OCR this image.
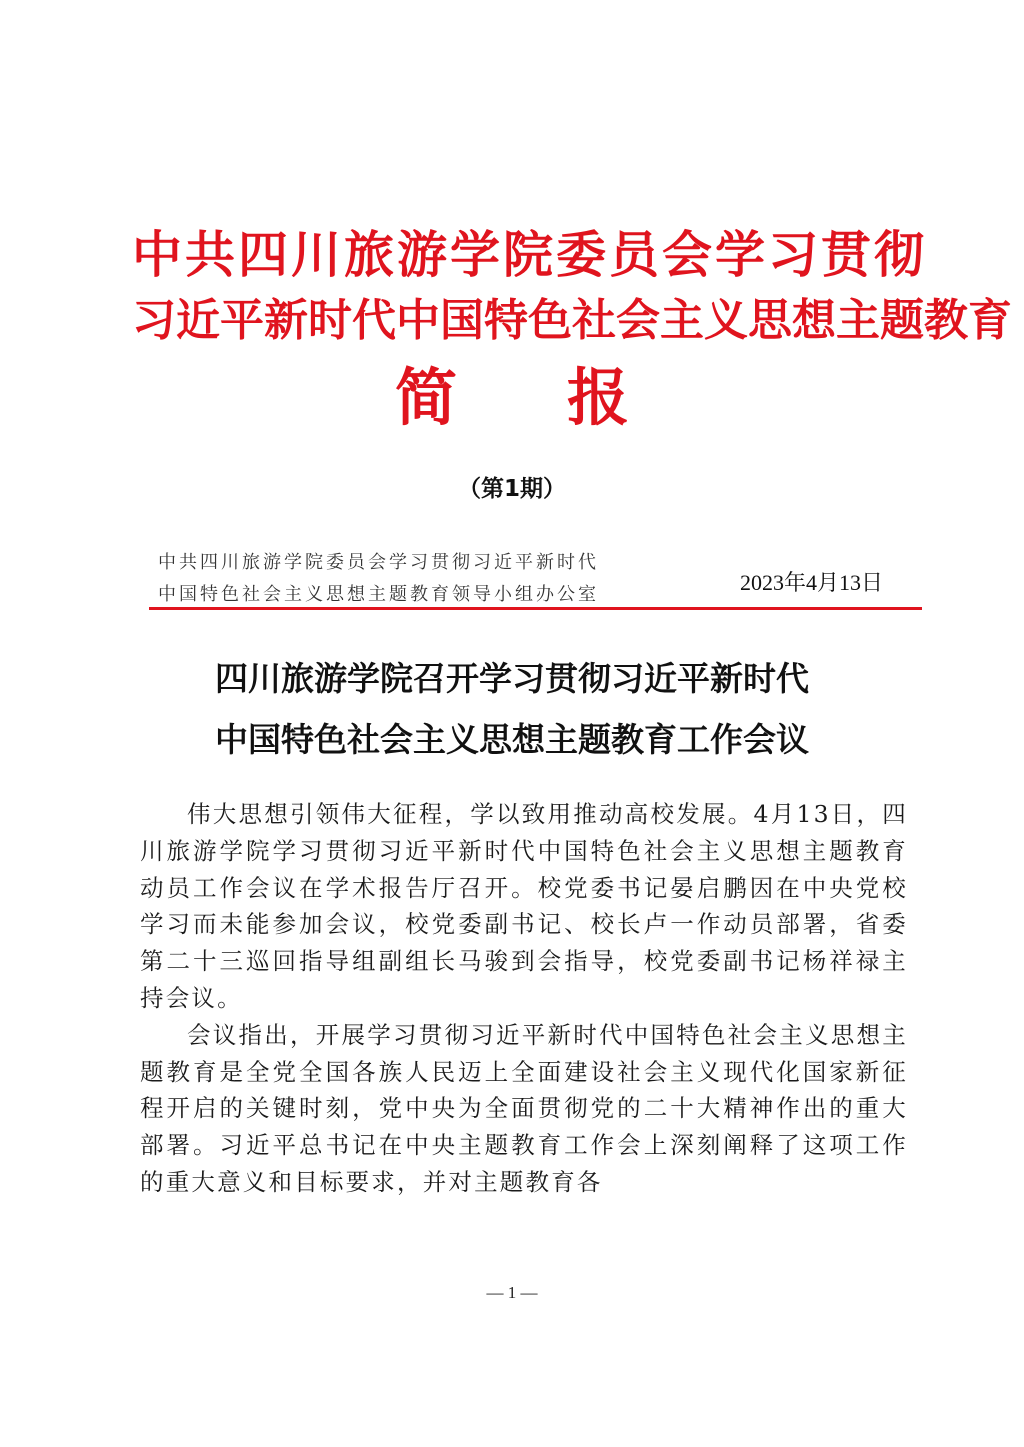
中共四川旅游学院委员会学习贯彻
习近平新时代中国特色社会主义思想主题教育
简报
（第1期）
中共四川旅游学院委员会学习贯彻习近平新时代
中国特色社会主义思想主题教育领导小组办公室	2023年4月13日
四川旅游学院召开学习贯彻习近平新时代
中国特色社会主义思想主题教育工作会议

伟大思想引领伟大征程，学以致用推动高校发展。4月13日，四川旅游学院学习贯彻习近平新时代中国特色社会主义思想主题教育动员工作会议在学术报告厅召开。校党委书记晏启鹏因在中央党校学习而未能参加会议，校党委副书记、校长卢一作动员部署，省委第二十三巡回指导组副组长马骏到会指导，校党委副书记杨祥禄主持会议。

会议指出，开展学习贯彻习近平新时代中国特色社会主义思想主题教育是全党全国各族人民迈上全面建设社会主义现代化国家新征程开启的关键时刻，党中央为全面贯彻党的二十大精神作出的重大部署。习近平总书记在中央主题教育工作会上深刻阐释了这项工作的重大意义和目标要求，并对主题教育各

— 1 —
